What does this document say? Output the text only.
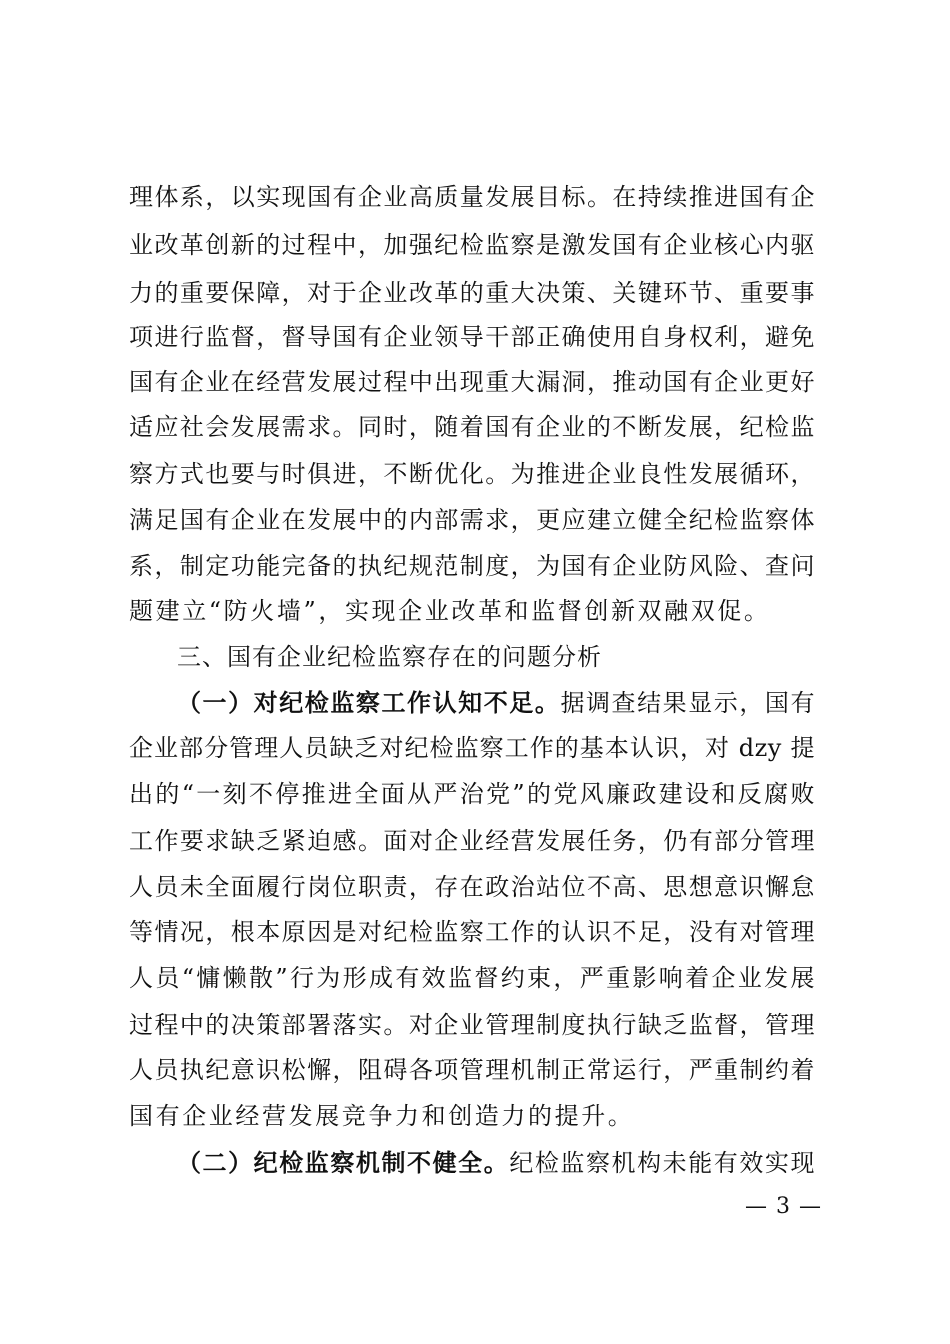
理体系，以实现国有企业高质量发展目标。在持续推进国有企
业改革创新的过程中，加强纪检监察是激发国有企业核心内驱
力的重要保障，对于企业改革的重大决策、关键环节、重要事
项进行监督，督导国有企业领导干部正确使用自身权利，避免
国有企业在经营发展过程中出现重大漏洞，推动国有企业更好
适应社会发展需求。同时，随着国有企业的不断发展，纪检监
察方式也要与时俱进，不断优化。为推进企业良性发展循环，
满足国有企业在发展中的内部需求，更应建立健全纪检监察体
系，制定功能完备的执纪规范制度，为国有企业防风险、查问
题建立“防火墙”，实现企业改革和监督创新双融双促。
三、国有企业纪检监察存在的问题分析
（一）对纪检监察工作认知不足。据调查结果显示，国有
企业部分管理人员缺乏对纪检监察工作的基本认识，对 dzy 提
出的“一刻不停推进全面从严治党”的党风廉政建设和反腐败
工作要求缺乏紧迫感。面对企业经营发展任务，仍有部分管理
人员未全面履行岗位职责，存在政治站位不高、思想意识懈怠
等情况，根本原因是对纪检监察工作的认识不足，没有对管理
人员“慵懒散”行为形成有效监督约束，严重影响着企业发展
过程中的决策部署落实。对企业管理制度执行缺乏监督，管理
人员执纪意识松懈，阻碍各项管理机制正常运行，严重制约着
国有企业经营发展竞争力和创造力的提升。
（二）纪检监察机制不健全。纪检监察机构未能有效实现
— 3 —
